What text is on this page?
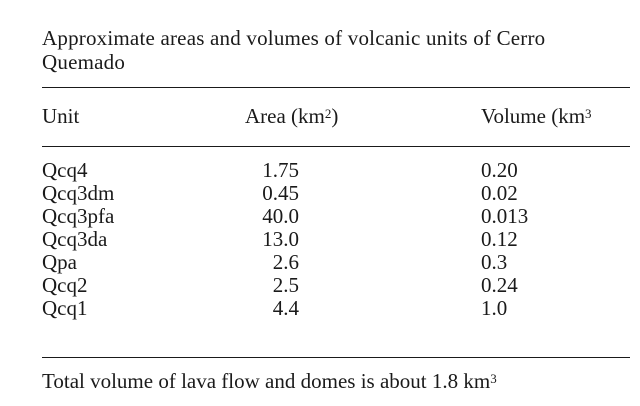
Approximate areas and volumes of volcanic units of Cerro Quemado
Unit	Area $(km^2)$	Volume ($km^3$
Qcq4	1.75	0.20
Qcq3dm	0.45	0.02
Qcq3pfa	40.0	0.013
Qcq3da	13.0	0.12
Qpa	2.6	0.3
Qcq2	2.5	0.24
Qcq1	4.4	1.0
Total volume of lava flow and domes is about 1.8 $km^3$
